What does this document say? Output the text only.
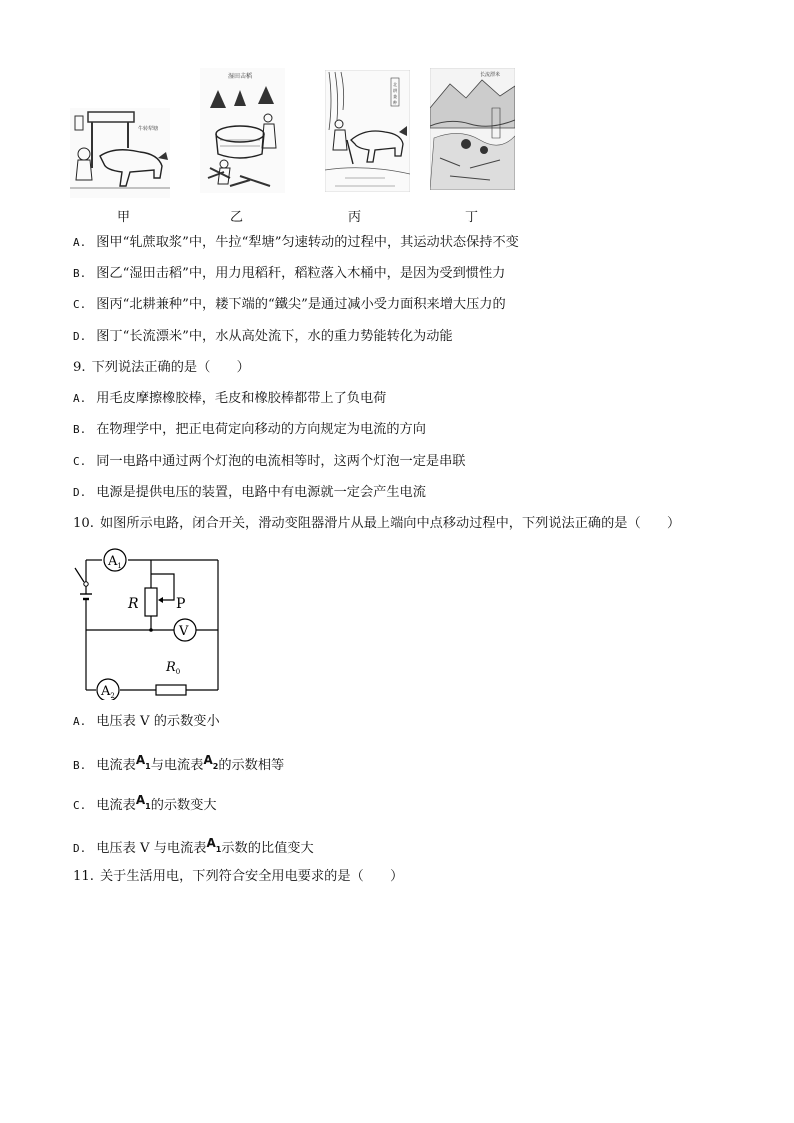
牛转犁塘
湿田击稻
北
耕
兼
种
长流漂米
甲	乙	丙	丁
A. 图甲“轧蔗取浆”中，牛拉“犁塘”匀速转动的过程中，其运动状态保持不变
B. 图乙“湿田击稻”中，用力甩稻秆，稻粒落入木桶中，是因为受到惯性力
C. 图丙“北耕兼种”中，耧下端的“鐵尖”是通过减小受力面积来增大压力的
D. 图丁“长流漂米”中，水从高处流下，水的重力势能转化为动能
9. 下列说法正确的是（　　）
A. 用毛皮摩擦橡胶棒，毛皮和橡胶棒都带上了负电荷
B. 在物理学中，把正电荷定向移动的方向规定为电流的方向
C. 同一电路中通过两个灯泡的电流相等时，这两个灯泡一定是串联
D. 电源是提供电压的装置，电路中有电源就一定会产生电流
10. 如图所示电路，闭合开关，滑动变阻器滑片从最上端向中点移动过程中，下列说法正确的是（　　）
$A_1$
V
$A_2$
R	P
$R_0$
A. 电压表 V 的示数变小
B. 电流表$A_1$与电流表$A_2$的示数相等
C. 电流表$A_1$的示数变大
D. 电压表 V 与电流表$A_1$示数的比值变大
11. 关于生活用电，下列符合安全用电要求的是（　　）
